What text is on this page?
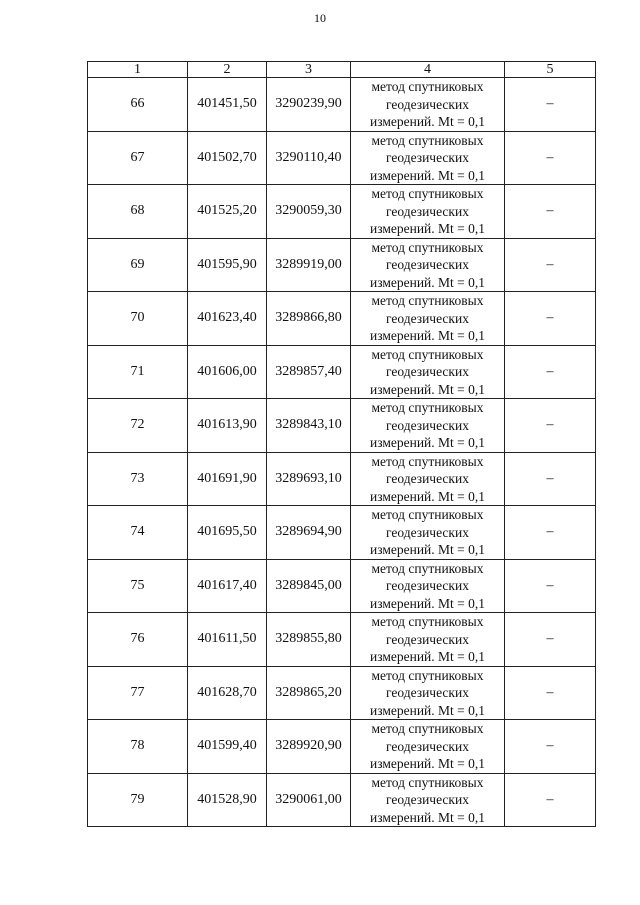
10
1	2	3	4	5
66	401451,50	3290239,90	метод спутниковых
геодезических
измерений. Mt = 0,1	–
67	401502,70	3290110,40	метод спутниковых
геодезических
измерений. Mt = 0,1	–
68	401525,20	3290059,30	метод спутниковых
геодезических
измерений. Mt = 0,1	–
69	401595,90	3289919,00	метод спутниковых
геодезических
измерений. Mt = 0,1	–
70	401623,40	3289866,80	метод спутниковых
геодезических
измерений. Mt = 0,1	–
71	401606,00	3289857,40	метод спутниковых
геодезических
измерений. Mt = 0,1	–
72	401613,90	3289843,10	метод спутниковых
геодезических
измерений. Mt = 0,1	–
73	401691,90	3289693,10	метод спутниковых
геодезических
измерений. Mt = 0,1	–
74	401695,50	3289694,90	метод спутниковых
геодезических
измерений. Mt = 0,1	–
75	401617,40	3289845,00	метод спутниковых
геодезических
измерений. Mt = 0,1	–
76	401611,50	3289855,80	метод спутниковых
геодезических
измерений. Mt = 0,1	–
77	401628,70	3289865,20	метод спутниковых
геодезических
измерений. Mt = 0,1	–
78	401599,40	3289920,90	метод спутниковых
геодезических
измерений. Mt = 0,1	–
79	401528,90	3290061,00	метод спутниковых
геодезических
измерений. Mt = 0,1	–
